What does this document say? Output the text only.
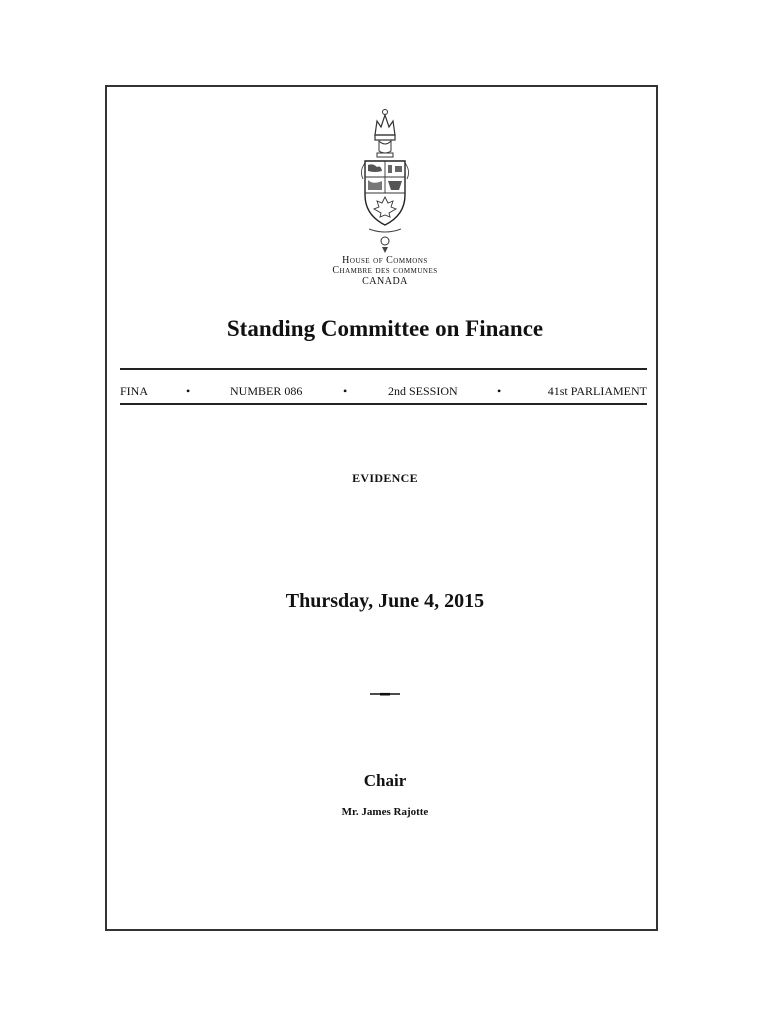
House of Commons
Chambre des communes
CANADA
Standing Committee on Finance
FINA	•	NUMBER 086	•	2nd SESSION	•	41st PARLIAMENT
EVIDENCE
Thursday, June 4, 2015
Chair
Mr. James Rajotte
